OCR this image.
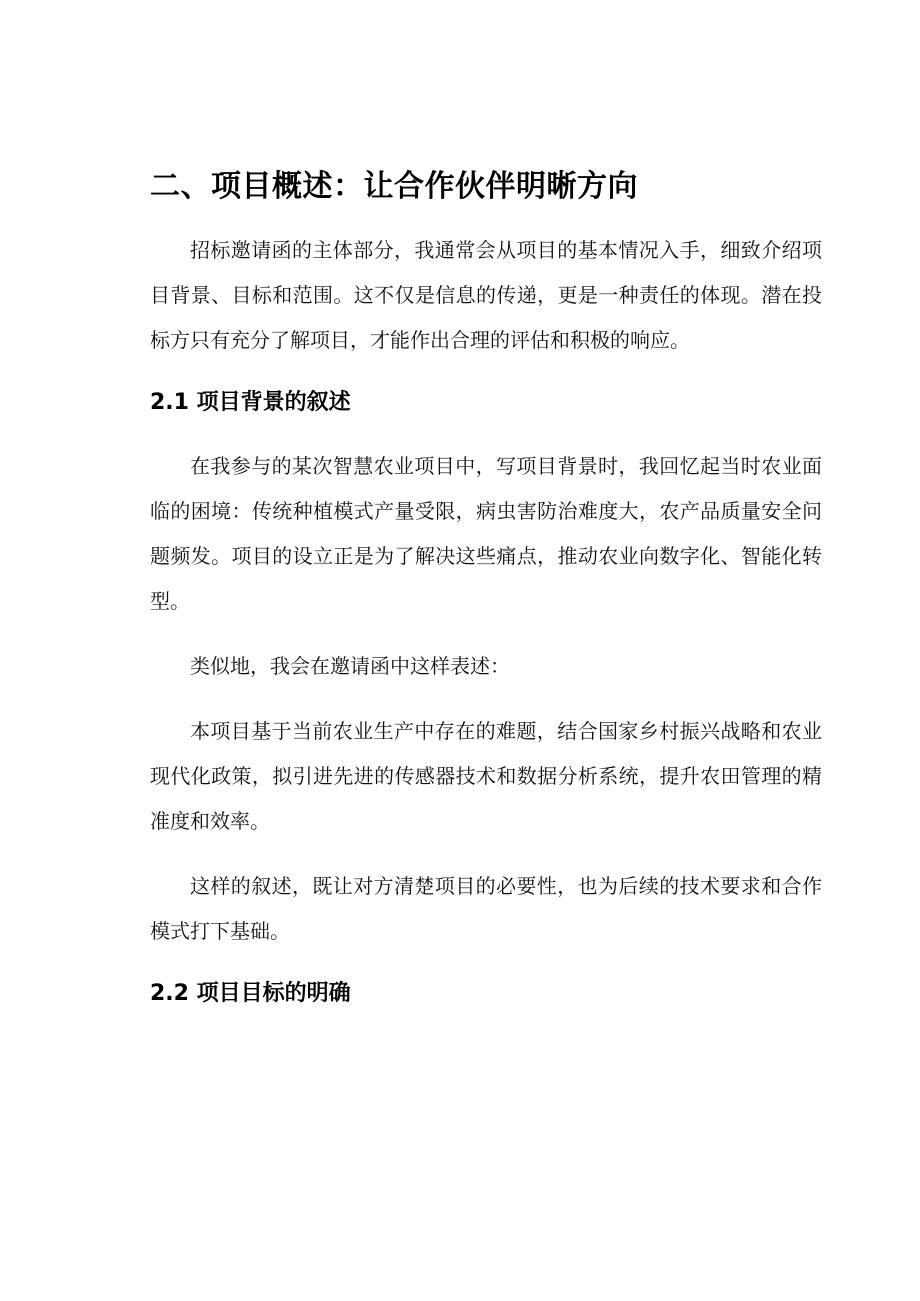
二、项目概述：让合作伙伴明晰方向

招标邀请函的主体部分，我通常会从项目的基本情况入手，细致介绍项目背景、目标和范围。这不仅是信息的传递，更是一种责任的体现。潜在投标方只有充分了解项目，才能作出合理的评估和积极的响应。

2.1 项目背景的叙述

在我参与的某次智慧农业项目中，写项目背景时，我回忆起当时农业面临的困境：传统种植模式产量受限，病虫害防治难度大，农产品质量安全问题频发。项目的设立正是为了解决这些痛点，推动农业向数字化、智能化转型。

类似地，我会在邀请函中这样表述：

本项目基于当前农业生产中存在的难题，结合国家乡村振兴战略和农业现代化政策，拟引进先进的传感器技术和数据分析系统，提升农田管理的精准度和效率。

这样的叙述，既让对方清楚项目的必要性，也为后续的技术要求和合作模式打下基础。

2.2 项目目标的明确
